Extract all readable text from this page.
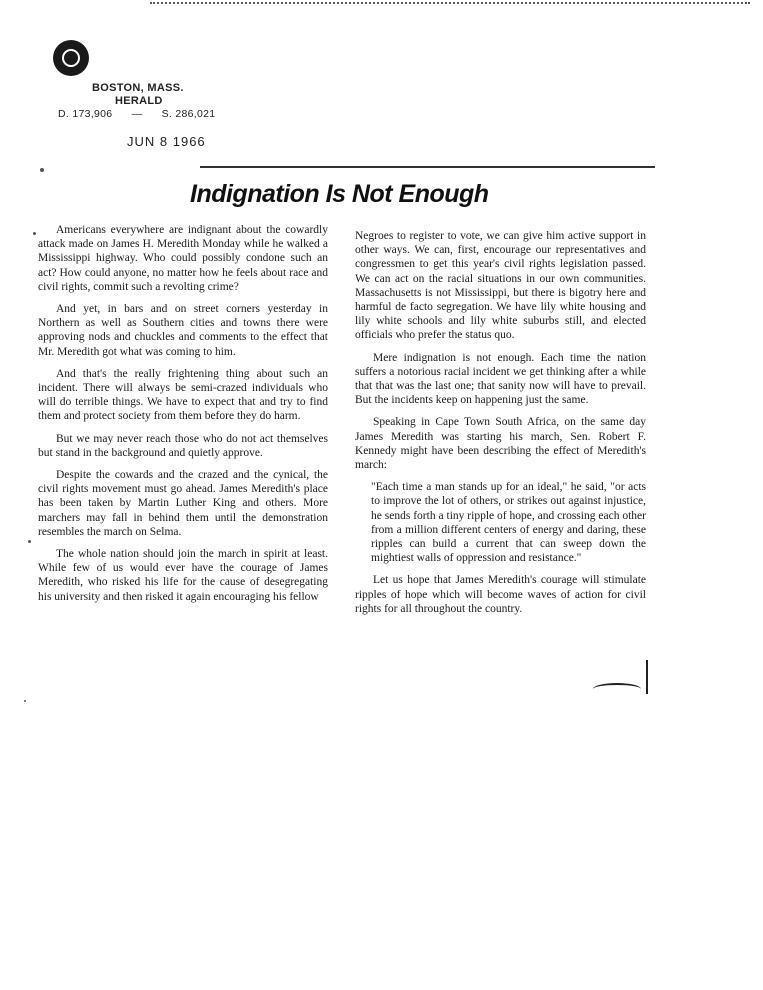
BOSTON, MASS.
HERALD
D. 173,906 — S. 286,021
JUN 8 1966
Indignation Is Not Enough

Americans everywhere are indignant about the cowardly attack made on James H. Meredith Monday while he walked a Mississippi highway. Who could possibly condone such an act? How could anyone, no matter how he feels about race and civil rights, commit such a revolting crime?

And yet, in bars and on street corners yesterday in Northern as well as Southern cities and towns there were approving nods and chuckles and comments to the effect that Mr. Meredith got what was coming to him.

And that's the really frightening thing about such an incident. There will always be semi-crazed individuals who will do terrible things. We have to expect that and try to find them and protect society from them before they do harm.

But we may never reach those who do not act themselves but stand in the background and quietly approve.

Despite the cowards and the crazed and the cynical, the civil rights movement must go ahead. James Meredith's place has been taken by Martin Luther King and others. More marchers may fall in behind them until the demonstration resembles the march on Selma.

The whole nation should join the march in spirit at least. While few of us would ever have the courage of James Meredith, who risked his life for the cause of desegregating his university and then risked it again encouraging his fellow

Negroes to register to vote, we can give him active support in other ways. We can, first, encourage our representatives and congressmen to get this year's civil rights legislation passed. We can act on the racial situations in our own communities. Massachusetts is not Mississippi, but there is bigotry here and harmful de facto segregation. We have lily white housing and lily white schools and lily white suburbs still, and elected officials who prefer the status quo.

Mere indignation is not enough. Each time the nation suffers a notorious racial incident we get thinking after a while that that was the last one; that sanity now will have to prevail. But the incidents keep on happening just the same.

Speaking in Cape Town South Africa, on the same day James Meredith was starting his march, Sen. Robert F. Kennedy might have been describing the effect of Meredith's march:

"Each time a man stands up for an ideal," he said, "or acts to improve the lot of others, or strikes out against injustice, he sends forth a tiny ripple of hope, and crossing each other from a million different centers of energy and daring, these ripples can build a current that can sweep down the mightiest walls of oppression and resistance."

Let us hope that James Meredith's courage will stimulate ripples of hope which will become waves of action for civil rights for all throughout the country.
